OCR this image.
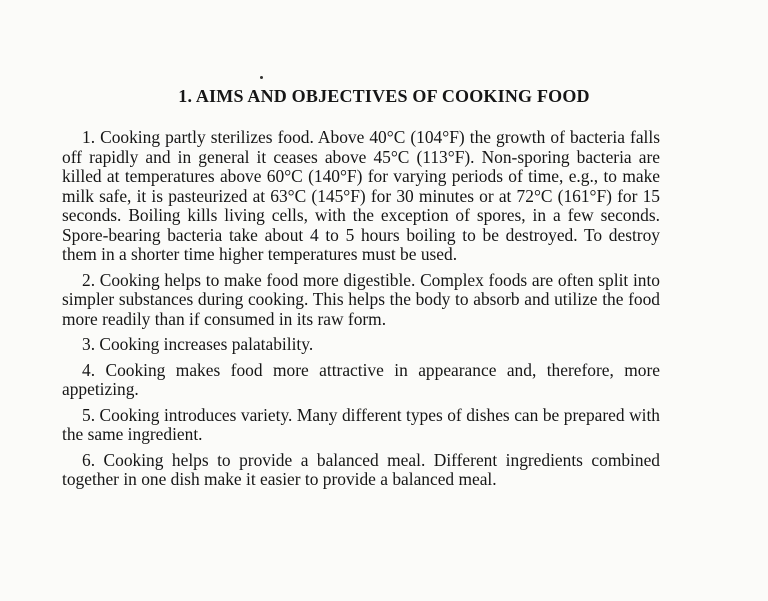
1. AIMS AND OBJECTIVES OF COOKING FOOD

1. Cooking partly sterilizes food. Above 40°C (104°F) the growth of bacteria falls off rapidly and in general it ceases above 45°C (113°F). Non-sporing bacteria are killed at temperatures above 60°C (140°F) for varying periods of time, e.g., to make milk safe, it is pasteurized at 63°C (145°F) for 30 minutes or at 72°C (161°F) for 15 seconds. Boiling kills living cells, with the exception of spores, in a few seconds. Spore-bearing bacteria take about 4 to 5 hours boiling to be destroyed. To destroy them in a shorter time higher temperatures must be used.

2. Cooking helps to make food more digestible. Complex foods are often split into simpler substances during cooking. This helps the body to absorb and utilize the food more readily than if consumed in its raw form.

3. Cooking increases palatability.

4. Cooking makes food more attractive in appearance and, therefore, more appetizing.

5. Cooking introduces variety. Many different types of dishes can be prepared with the same ingredient.

6. Cooking helps to provide a balanced meal. Different ingredients combined together in one dish make it easier to provide a balanced meal.
